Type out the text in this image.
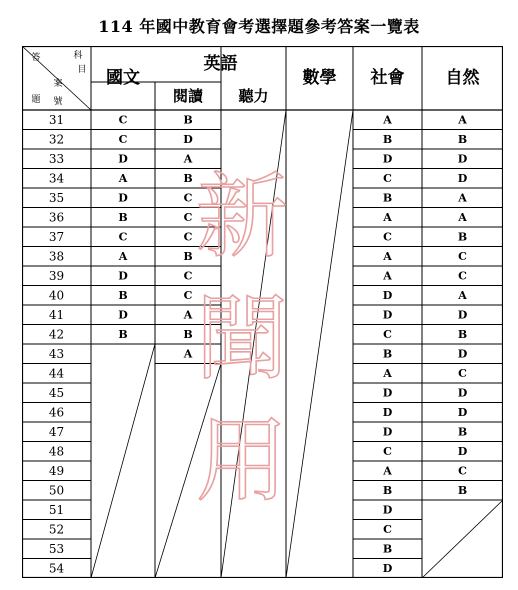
114 年國中教育會考選擇題參考答案一覽表
答	科
目
案
題 號
國文
英語
閱讀 聽力
數學 社會 自然
31
32
33
34
35
36
37
38
39
40
41
42
43
44
45
46
47
48
49
50
51
52
53
54
C
C
D
A
D
B
C
A
D
B
D
B
B
D
A
B
C
C
C
B
C
C
A
B
A
A
B
D
C
B
A
C
A
A
D
D
C
B
A
D
D
D
C
A
B
D
C
B
D
A
B
D
D
A
A
B
C
C
A
D
B
D
C
D
D
B
D
C
B
新
聞
用
